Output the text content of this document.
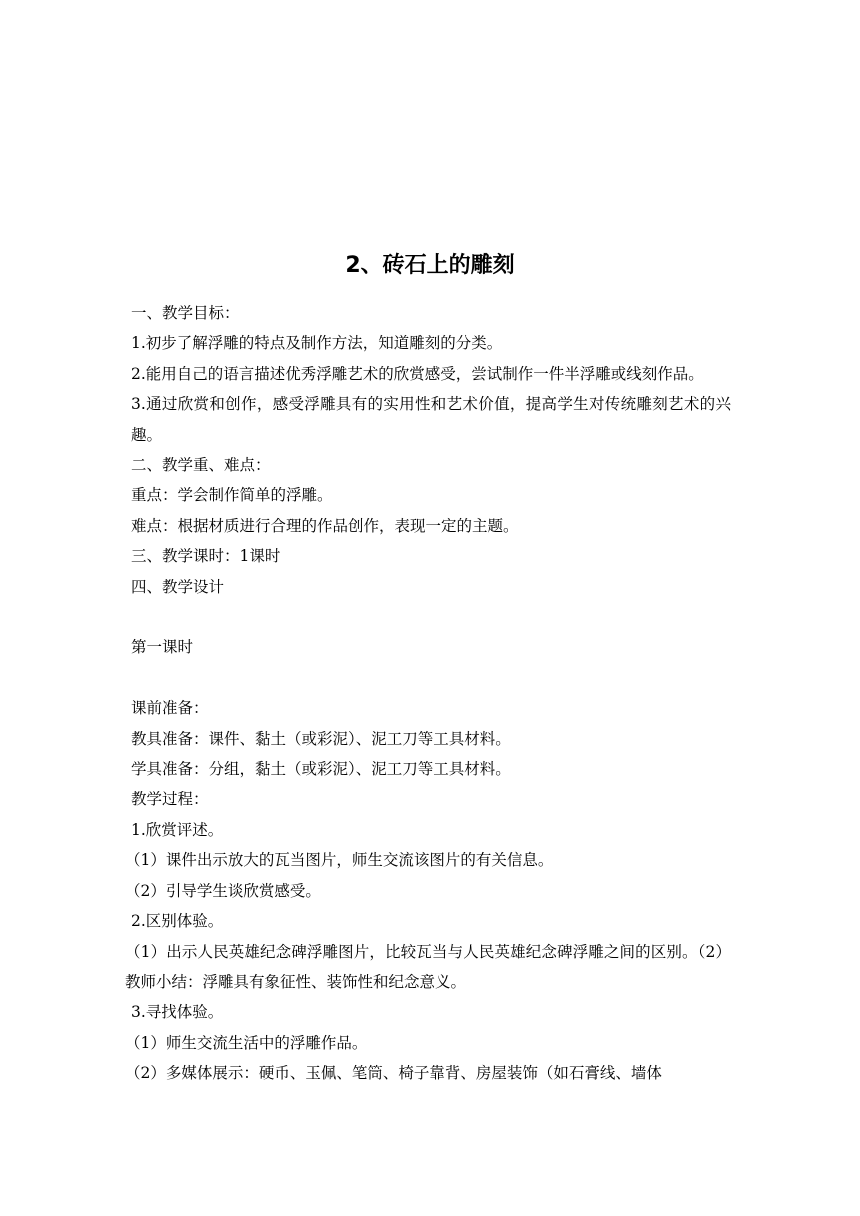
2、砖石上的雕刻
一、教学目标：
1.初步了解浮雕的特点及制作方法，知道雕刻的分类。
2.能用自己的语言描述优秀浮雕艺术的欣赏感受，尝试制作一件半浮雕或线刻作品。
3.通过欣赏和创作，感受浮雕具有的实用性和艺术价值，提高学生对传统雕刻艺术的兴趣。
二、教学重、难点：
重点：学会制作简单的浮雕。
难点：根据材质进行合理的作品创作，表现一定的主题。
三、教学课时：1课时
四、教学设计
第一课时
课前准备：
教具准备：课件、黏土（或彩泥）、泥工刀等工具材料。
学具准备：分组，黏土（或彩泥）、泥工刀等工具材料。
教学过程：
1.欣赏评述。
（1）课件出示放大的瓦当图片，师生交流该图片的有关信息。
（2）引导学生谈欣赏感受。
2.区别体验。
（1）出示人民英雄纪念碑浮雕图片，比较瓦当与人民英雄纪念碑浮雕之间的区别。（2）教师小结：浮雕具有象征性、装饰性和纪念意义。
3.寻找体验。
（1）师生交流生活中的浮雕作品。
（2）多媒体展示：硬币、玉佩、笔筒、椅子靠背、房屋装饰（如石膏线、墙体
